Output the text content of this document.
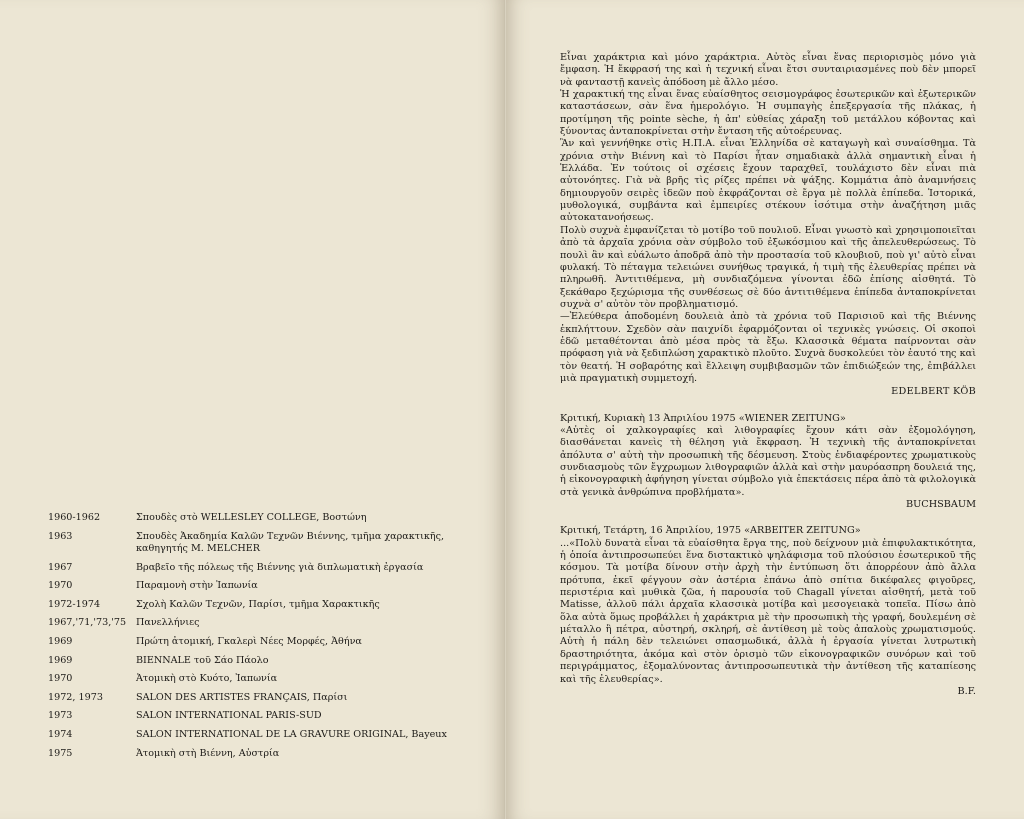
1960-1962	Σπουδὲς στὸ WELLESLEY COLLEGE, Βοστώνη
1963	Σπουδὲς Ἀκαδημία Καλῶν Τεχνῶν Βιέννης, τμῆμα χαρακτικῆς, καθηγητής M. MELCHER
1967	Βραβεῖο τῆς πόλεως τῆς Βιέννης γιὰ διπλωματικὴ ἐργασία
1970	Παραμονὴ στὴν Ἰαπωνία
1972-1974	Σχολὴ Καλῶν Τεχνῶν, Παρίσι, τμῆμα Χαρακτικῆς
1967,'71,'73,'75	Πανελλήνιες
1969	Πρώτη ἀτομική, Γκαλερὶ Νέες Μορφές, Ἀθήνα
1969	BIENNALE τοῦ Σάο Πάολο
1970	Ἀτομικὴ στὸ Κυότο, Ἰαπωνία
1972, 1973	SALON DES ARTISTES FRANÇAIS, Παρίσι
1973	SALON INTERNATIONAL PARIS-SUD
1974	SALON INTERNATIONAL DE LA GRAVURE ORIGINAL, Bayeux
1975	Ἀτομικὴ στὴ Βιέννη, Αὐστρία

Εἶναι χαράκτρια καὶ μόνο χαράκτρια. Αὐτὸς εἶναι ἕνας περιορισμὸς μόνο γιὰ ἔμφαση. Ἡ ἔκφρασή της καὶ ἡ τεχνική εἶναι ἔτσι συνταιριασμένες ποὺ δὲν μπορεῖ νὰ φανταστῇ κανεὶς ἀπόδοση μὲ ἄλλο μέσο.

Ἡ χαρακτική της εἶναι ἕνας εὐαίσθητος σεισμογράφος ἐσωτερικῶν καὶ ἐξωτερικῶν καταστάσεων, σὰν ἕνα ἡμερολόγιο. Ἡ συμπαγὴς ἐπεξεργασία τῆς πλάκας, ἡ προτίμηση τῆς pointe sèche, ἡ ἀπ' εὐθείας χάραξη τοῦ μετάλλου κόβοντας καὶ ξύνοντας ἀνταποκρίνεται στὴν ἔνταση τῆς αὐτοέρευνας.

Ἂν καὶ γεννήθηκε στὶς Η.Π.Α. εἶναι Ἑλληνίδα σὲ καταγωγὴ καὶ συναίσθημα. Τὰ χρόνια στὴν Βιέννη καὶ τὸ Παρίσι ἦταν σημαδιακὰ ἀλλὰ σημαντικὴ εἶναι ἡ Ἑλλάδα. Ἐν τούτοις οἱ σχέσεις ἔχουν ταραχθεῖ, τουλάχιστο δὲν εἶναι πιὰ αὐτονόητες. Γιὰ νὰ βρῆς τὶς ρίζες πρέπει νὰ ψάξης. Κομμάτια ἀπὸ ἀναμνήσεις δημιουργοῦν σειρὲς ἰδεῶν ποὺ ἐκφράζονται σὲ ἔργα μὲ πολλὰ ἐπίπεδα. Ἱστορικά, μυθολογικά, συμβάντα καὶ ἐμπειρίες στέκουν ἰσότιμα στὴν ἀναζήτηση μιᾶς αὐτοκατανοήσεως.

Πολὺ συχνὰ ἐμφανίζεται τὸ μοτίβο τοῦ πουλιοῦ. Εἶναι γνωστὸ καὶ χρησιμοποιεῖται ἀπὸ τὰ ἀρχαῖα χρόνια σὰν σύμβολο τοῦ ἐξωκόσμιου καὶ τῆς ἀπελευθερώσεως. Τὸ πουλὶ ἂν καὶ εὐάλωτο ἀποδρᾶ ἀπὸ τὴν προστασία τοῦ κλουβιοῦ, ποὺ γι' αὐτὸ εἶναι φυλακή. Τὸ πέταγμα τελειώνει συνήθως τραγικά, ἡ τιμὴ τῆς ἐλευθερίας πρέπει νὰ πληρωθῆ. Ἀντιτιθέμενα, μὴ συνδιαζόμενα γίνονται ἐδῶ ἐπίσης αἰσθητά. Τὸ ξεκάθαρο ξεχώρισμα τῆς συνθέσεως σὲ δύο ἀντιτιθέμενα ἐπίπεδα ἀνταποκρίνεται συχνὰ σ' αὐτὸν τὸν προβληματισμό.

—Ἐλεύθερα ἀποδομένη δουλειὰ ἀπὸ τὰ χρόνια τοῦ Παρισιοῦ καὶ τῆς Βιέννης ἐκπλήττουν. Σχεδὸν σὰν παιχνίδι ἐφαρμόζονται οἱ τεχνικὲς γνώσεις. Οἱ σκοποὶ ἐδῶ μεταθέτονται ἀπὸ μέσα πρὸς τὰ ἔξω. Κλασσικὰ θέματα παίρνονται σὰν πρόφαση γιὰ νὰ ξεδιπλώση χαρακτικὸ πλοῦτο. Συχνὰ δυσκολεύει τὸν ἑαυτό της καὶ τὸν θεατή. Ἡ σοβαρότης καὶ ἔλλειψη συμβιβασμῶν τῶν ἐπιδιώξεών της, ἐπιβάλλει μιὰ πραγματικὴ συμμετοχή.

EDELBERT KÖB

Κριτική, Κυριακὴ 13 Ἀπριλίου 1975 «WIENER ZEITUNG»

«Αὐτὲς οἱ χαλκογραφίες καὶ λιθογραφίες ἔχουν κάτι σὰν ἐξομολόγηση, διασθάνεται κανεὶς τὴ θέληση γιὰ ἔκφραση. Ἡ τεχνικὴ τῆς ἀνταποκρίνεται ἀπόλυτα σ' αὐτὴ τὴν προσωπικὴ τῆς δέσμευση. Στοὺς ἐνδιαφέροντες χρωματικοὺς συνδιασμοὺς τῶν ἔγχρωμων λιθογραφιῶν ἀλλὰ καὶ στὴν μαυρόασπρη δουλειά της, ἡ εἰκονογραφικὴ ἀφήγηση γίνεται σύμβολο γιὰ ἐπεκτάσεις πέρα ἀπὸ τὰ φιλολογικὰ στὰ γενικὰ ἀνθρώπινα προβλήματα».

BUCHSBAUM

Κριτική, Τετάρτη, 16 Ἀπριλίου, 1975 «ARBEITER ZEITUNG»

...«Πολὺ δυνατὰ εἶναι τὰ εὐαίσθητα ἔργα της, ποὺ δείχνουν μιὰ ἐπιφυλακτικότητα, ἡ ὁποία ἀντιπροσωπεύει ἕνα διστακτικὸ ψηλάφισμα τοῦ πλούσιου ἐσωτερικοῦ τῆς κόσμου. Τὰ μοτίβα δίνουν στὴν ἀρχὴ τὴν ἐντύπωση ὅτι ἀπορρέουν ἀπὸ ἄλλα πρότυπα, ἐκεῖ φέγγουν σὰν ἀστέρια ἐπάνω ἀπὸ σπίτια δικέφαλες φιγοῦρες, περιστέρια καὶ μυθικὰ ζῶα, ἡ παρουσία τοῦ Chagall γίνεται αἰσθητή, μετὰ τοῦ Matisse, ἀλλοῦ πάλι ἀρχαῖα κλασσικὰ μοτίβα καὶ μεσογειακὰ τοπεῖα. Πίσω ἀπὸ ὅλα αὐτὰ ὅμως προβάλλει ἡ χαράκτρια μὲ τὴν προσωπικὴ τὴς γραφή, δουλεμένη σὲ μέταλλο ἢ πέτρα, αὐστηρή, σκληρή, σὲ ἀντίθεση μὲ τοὺς ἀπαλοὺς χρωματισμούς. Αὐτὴ ἡ πάλη δὲν τελειώνει σπασμωδικά, ἀλλὰ ἡ ἐργασία γίνεται λυτρωτικὴ δραστηριότητα, ἀκόμα καὶ στὸν ὁρισμὸ τῶν εἰκονογραφικῶν συνόρων καὶ τοῦ περιγράμματος, ἐξομαλύνοντας ἀντιπροσωπευτικὰ τὴν ἀντίθεση τῆς καταπίεσης καὶ τῆς ἐλευθερίας».

B.F.
